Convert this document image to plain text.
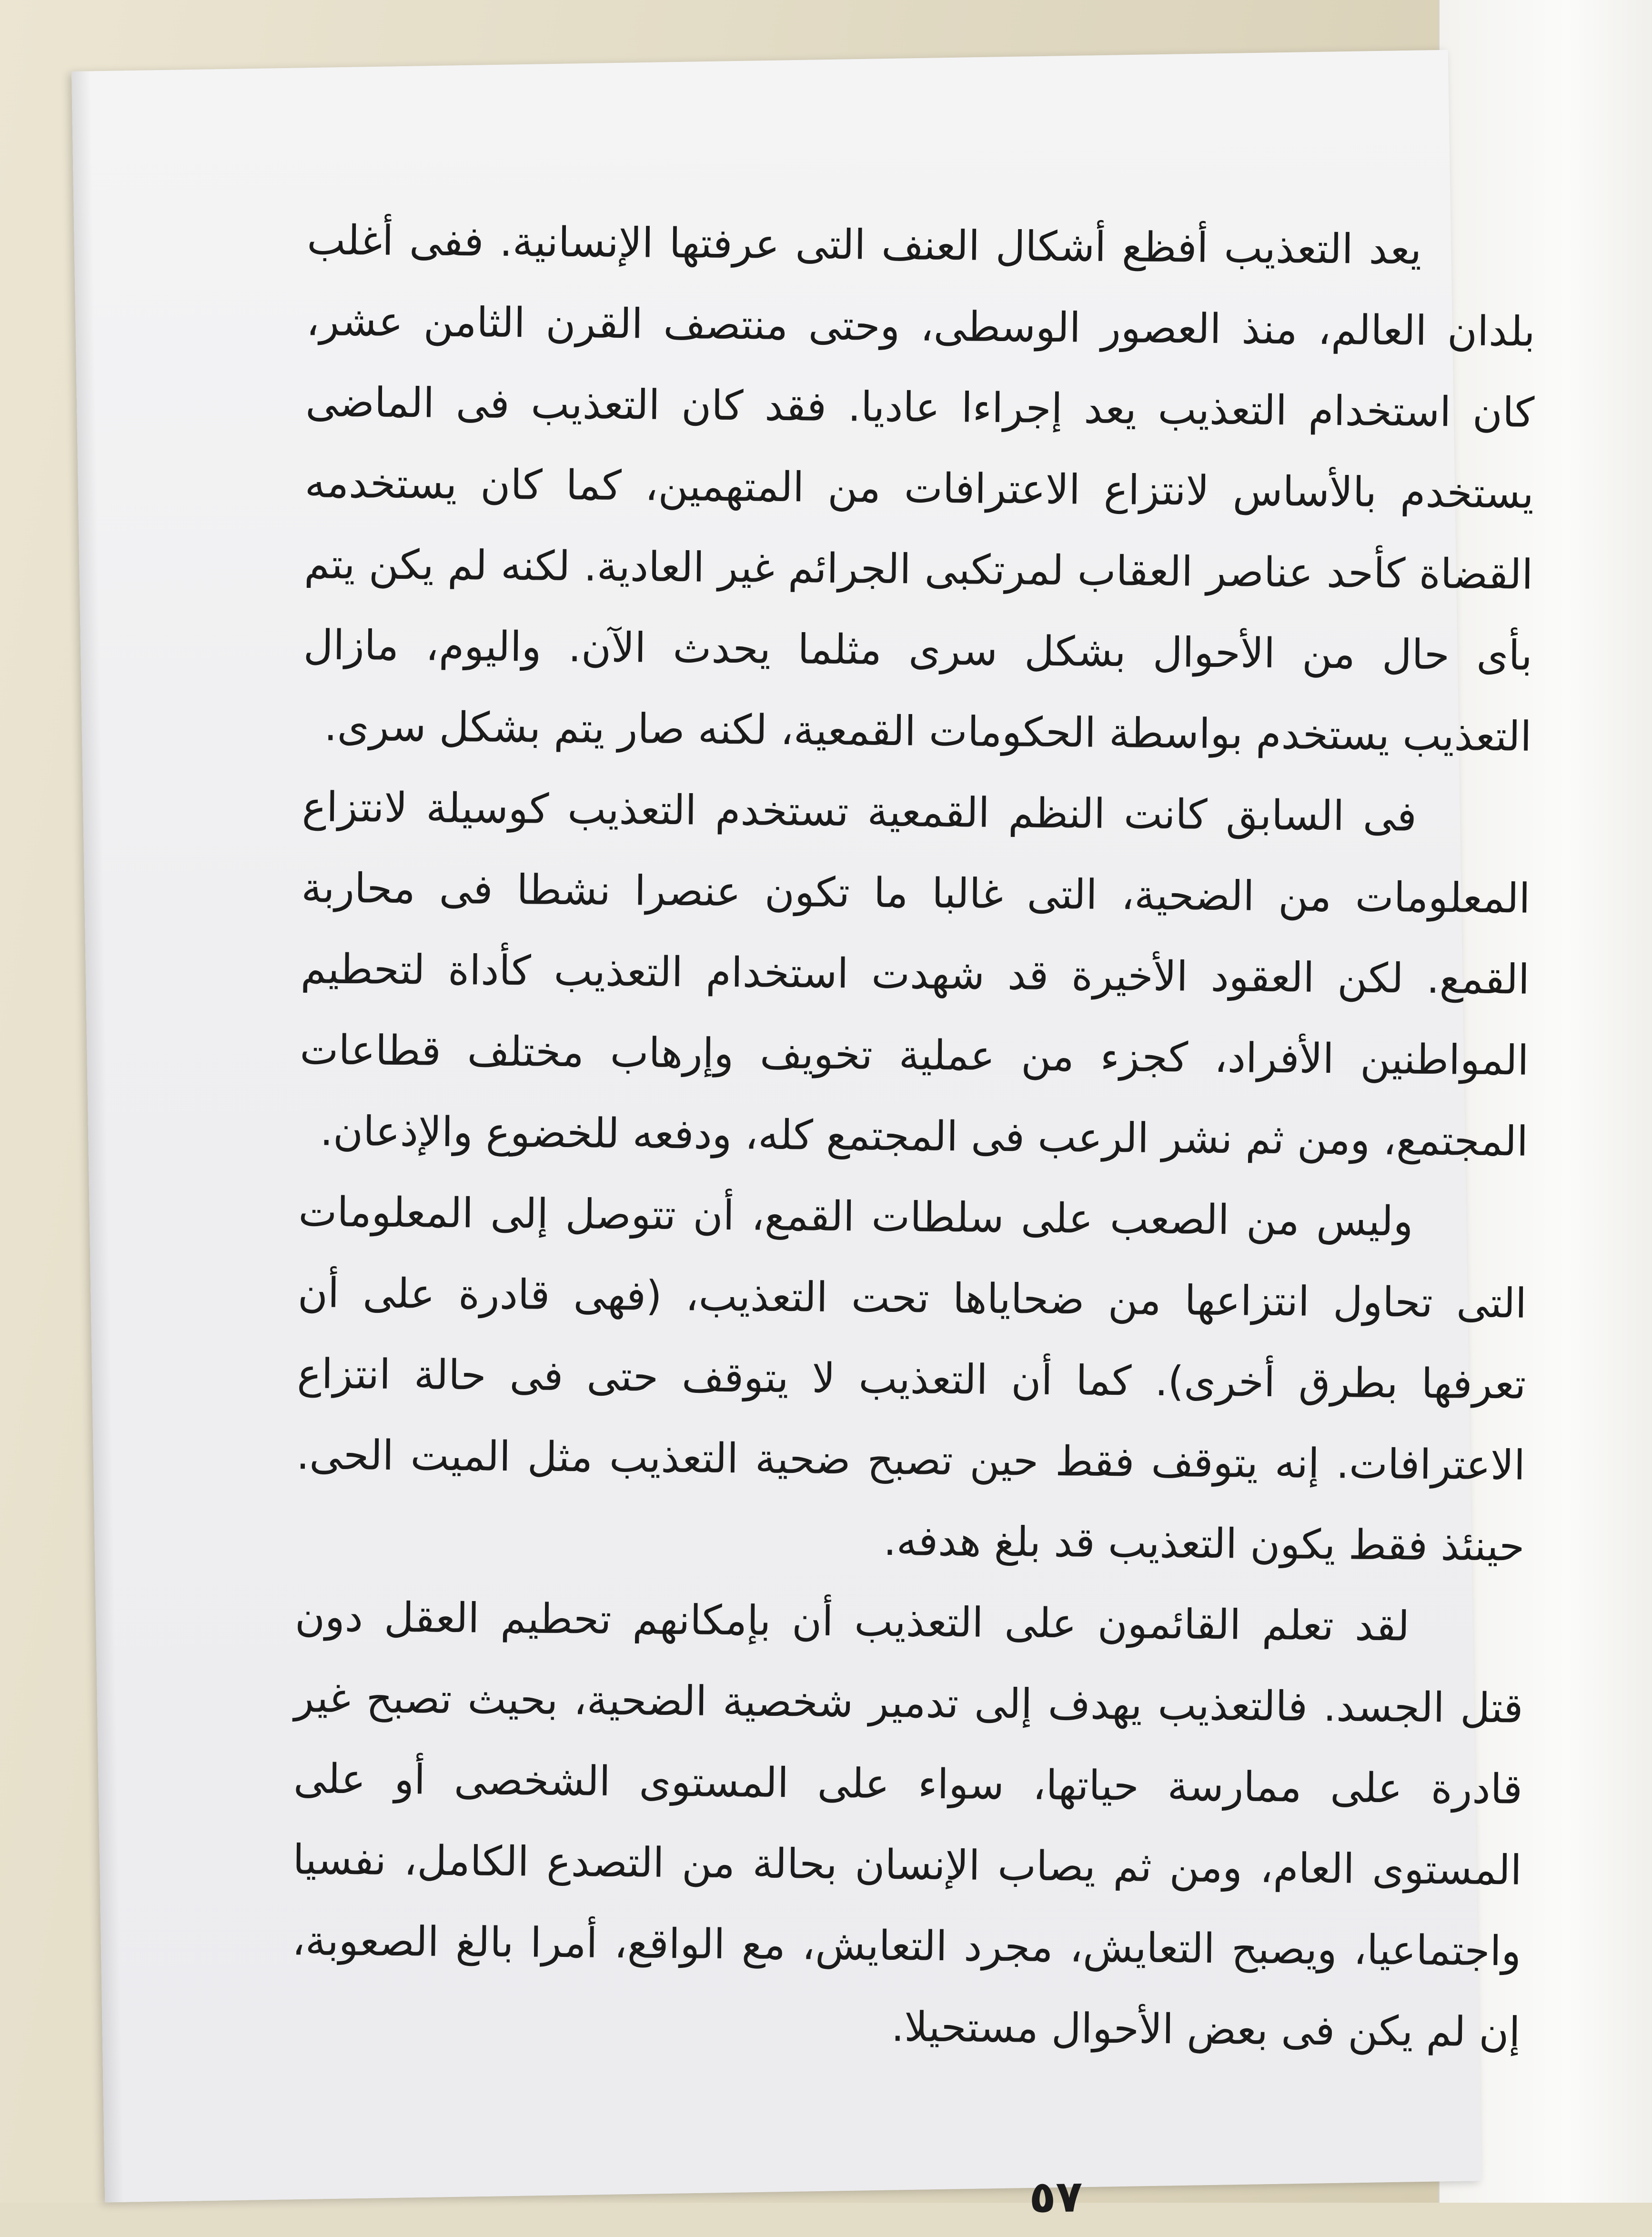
يعد التعذيب أفظع أشكال العنف التى عرفتها الإنسانية. ففى أغلب بلدان العالم، منذ العصور الوسطى، وحتى منتصف القرن الثامن عشر، كان استخدام التعذيب يعد إجراءا عاديا. فقد كان التعذيب فى الماضى يستخدم بالأساس لانتزاع الاعترافات من المتهمين، كما كان يستخدمه القضاة كأحد عناصر العقاب لمرتكبى الجرائم غير العادية. لكنه لم يكن يتم بأى حال من الأحوال بشكل سرى مثلما يحدث الآن. واليوم، مازال التعذيب يستخدم بواسطة الحكومات القمعية، لكنه صار يتم بشكل سرى.

فى السابق كانت النظم القمعية تستخدم التعذيب كوسيلة لانتزاع المعلومات من الضحية، التى غالبا ما تكون عنصرا نشطا فى محاربة القمع. لكن العقود الأخيرة قد شهدت استخدام التعذيب كأداة لتحطيم المواطنين الأفراد، كجزء من عملية تخويف وإرهاب مختلف قطاعات المجتمع، ومن ثم نشر الرعب فى المجتمع كله، ودفعه للخضوع والإذعان.

وليس من الصعب على سلطات القمع، أن تتوصل إلى المعلومات التى تحاول انتزاعها من ضحاياها تحت التعذيب، (فهى قادرة على أن تعرفها بطرق أخرى). كما أن التعذيب لا يتوقف حتى فى حالة انتزاع الاعترافات. إنه يتوقف فقط حين تصبح ضحية التعذيب مثل الميت الحى. حينئذ فقط يكون التعذيب قد بلغ هدفه.

لقد تعلم القائمون على التعذيب أن بإمكانهم تحطيم العقل دون قتل الجسد. فالتعذيب يهدف إلى تدمير شخصية الضحية، بحيث تصبح غير قادرة على ممارسة حياتها، سواء على المستوى الشخصى أو على المستوى العام، ومن ثم يصاب الإنسان بحالة من التصدع الكامل، نفسيا واجتماعيا، ويصبح التعايش، مجرد التعايش، مع الواقع، أمرا بالغ الصعوبة، إن لم يكن فى بعض الأحوال مستحيلا.

٥٧
